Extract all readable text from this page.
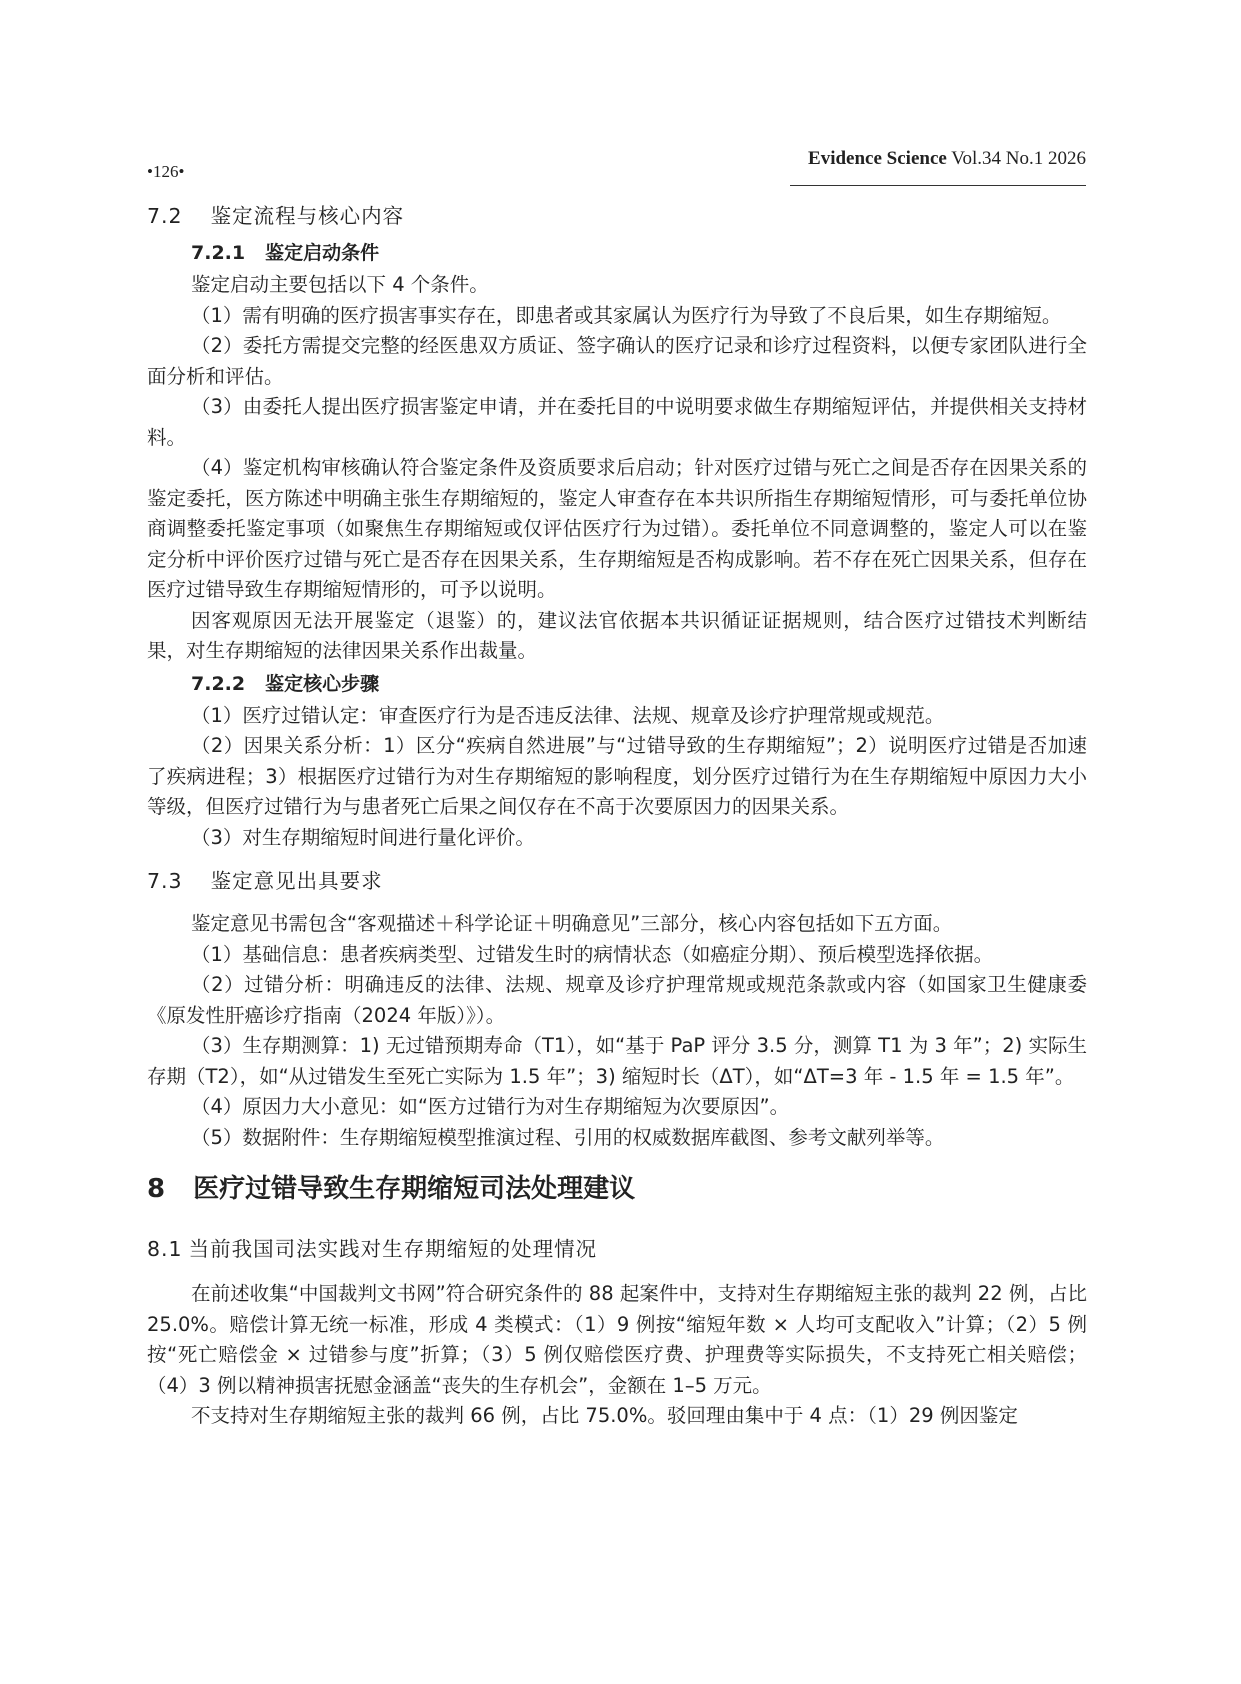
•126•
Evidence Science Vol.34 No.1 2026
7.2 鉴定流程与核心内容
7.2.1 鉴定启动条件

鉴定启动主要包括以下 4 个条件。

（1）需有明确的医疗损害事实存在，即患者或其家属认为医疗行为导致了不良后果，如生存期缩短。

（2）委托方需提交完整的经医患双方质证、签字确认的医疗记录和诊疗过程资料，以便专家团队进行全面分析和评估。

（3）由委托人提出医疗损害鉴定申请，并在委托目的中说明要求做生存期缩短评估，并提供相关支持材料。

（4）鉴定机构审核确认符合鉴定条件及资质要求后启动；针对医疗过错与死亡之间是否存在因果关系的鉴定委托，医方陈述中明确主张生存期缩短的，鉴定人审查存在本共识所指生存期缩短情形，可与委托单位协商调整委托鉴定事项（如聚焦生存期缩短或仅评估医疗行为过错）。委托单位不同意调整的，鉴定人可以在鉴定分析中评价医疗过错与死亡是否存在因果关系，生存期缩短是否构成影响。若不存在死亡因果关系，但存在医疗过错导致生存期缩短情形的，可予以说明。

因客观原因无法开展鉴定（退鉴）的，建议法官依据本共识循证证据规则，结合医疗过错技术判断结果，对生存期缩短的法律因果关系作出裁量。

7.2.2 鉴定核心步骤

（1）医疗过错认定：审查医疗行为是否违反法律、法规、规章及诊疗护理常规或规范。

（2）因果关系分析：1）区分“疾病自然进展”与“过错导致的生存期缩短”；2）说明医疗过错是否加速了疾病进程；3）根据医疗过错行为对生存期缩短的影响程度，划分医疗过错行为在生存期缩短中原因力大小等级，但医疗过错行为与患者死亡后果之间仅存在不高于次要原因力的因果关系。

（3）对生存期缩短时间进行量化评价。

7.3 鉴定意见出具要求

鉴定意见书需包含“客观描述＋科学论证＋明确意见”三部分，核心内容包括如下五方面。

（1）基础信息：患者疾病类型、过错发生时的病情状态（如癌症分期）、预后模型选择依据。

（2）过错分析：明确违反的法律、法规、规章及诊疗护理常规或规范条款或内容（如国家卫生健康委《原发性肝癌诊疗指南（2024 年版）》）。

（3）生存期测算：1) 无过错预期寿命（T1），如“基于 PaP 评分 3.5 分，测算 T1 为 3 年”；2) 实际生存期（T2），如“从过错发生至死亡实际为 1.5 年”；3) 缩短时长（ΔT），如“ΔT=3 年 - 1.5 年 = 1.5 年”。

（4）原因力大小意见：如“医方过错行为对生存期缩短为次要原因”。

（5）数据附件：生存期缩短模型推演过程、引用的权威数据库截图、参考文献列举等。

8 医疗过错导致生存期缩短司法处理建议
8.1 当前我国司法实践对生存期缩短的处理情况

在前述收集“中国裁判文书网”符合研究条件的 88 起案件中，支持对生存期缩短主张的裁判 22 例，占比 25.0%。赔偿计算无统一标准，形成 4 类模式：（1）9 例按“缩短年数 × 人均可支配收入”计算；（2）5 例按“死亡赔偿金 × 过错参与度”折算；（3）5 例仅赔偿医疗费、护理费等实际损失，不支持死亡相关赔偿；（4）3 例以精神损害抚慰金涵盖“丧失的生存机会”，金额在 1–5 万元。

不支持对生存期缩短主张的裁判 66 例，占比 75.0%。驳回理由集中于 4 点：（1）29 例因鉴定
